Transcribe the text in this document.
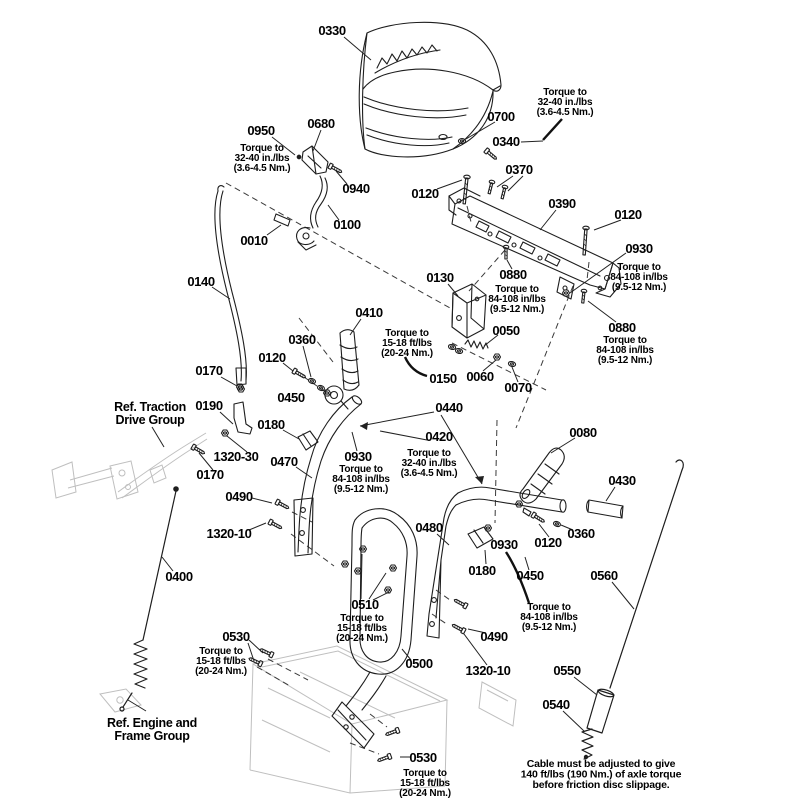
0330
0680
0950
0700
0340
0370
0120
0390
0120
0940
0100
0010
0930
0880
0140	0130
0410
0360
0050	0880
0120
0170
0150 0060
0070
0190	0440
0420
0180
1320-30
0080
0470	0930
0450
0430
0170
0490
0360
1320-10	0480
0120
0400
0930
0180 0450	0560
0510
0490
0530
1320-10
0500	0550
0540
0530
Torque to 32-40 in./lbs (3.6-4.5 Nm.)
Torque to 32-40 in./lbs (3.6-4.5 Nm.)
Torque to 84-108 in/lbs (9.5-12 Nm.)
Torque to 84-108 in/lbs (9.5-12 Nm.)
Torque to 84-108 in/lbs (9.5-12 Nm.)
Torque to 15-18 ft/lbs (20-24 Nm.)
Torque to 32-40 in./lbs (3.6-4.5 Nm.)
Torque to 84-108 in/lbs (9.5-12 Nm.)
Torque to 84-108 in/lbs (9.5-12 Nm.)
Torque to 15-18 ft/lbs (20-24 Nm.)
Torque to 15-18 ft/lbs (20-24 Nm.)
Torque to 15-18 ft/lbs (20-24 Nm.)
Ref. Traction Drive Group
Ref. Engine and Frame Group
Cable must be adjusted to give 140 ft/lbs (190 Nm.) of axle torque before friction disc slippage.
